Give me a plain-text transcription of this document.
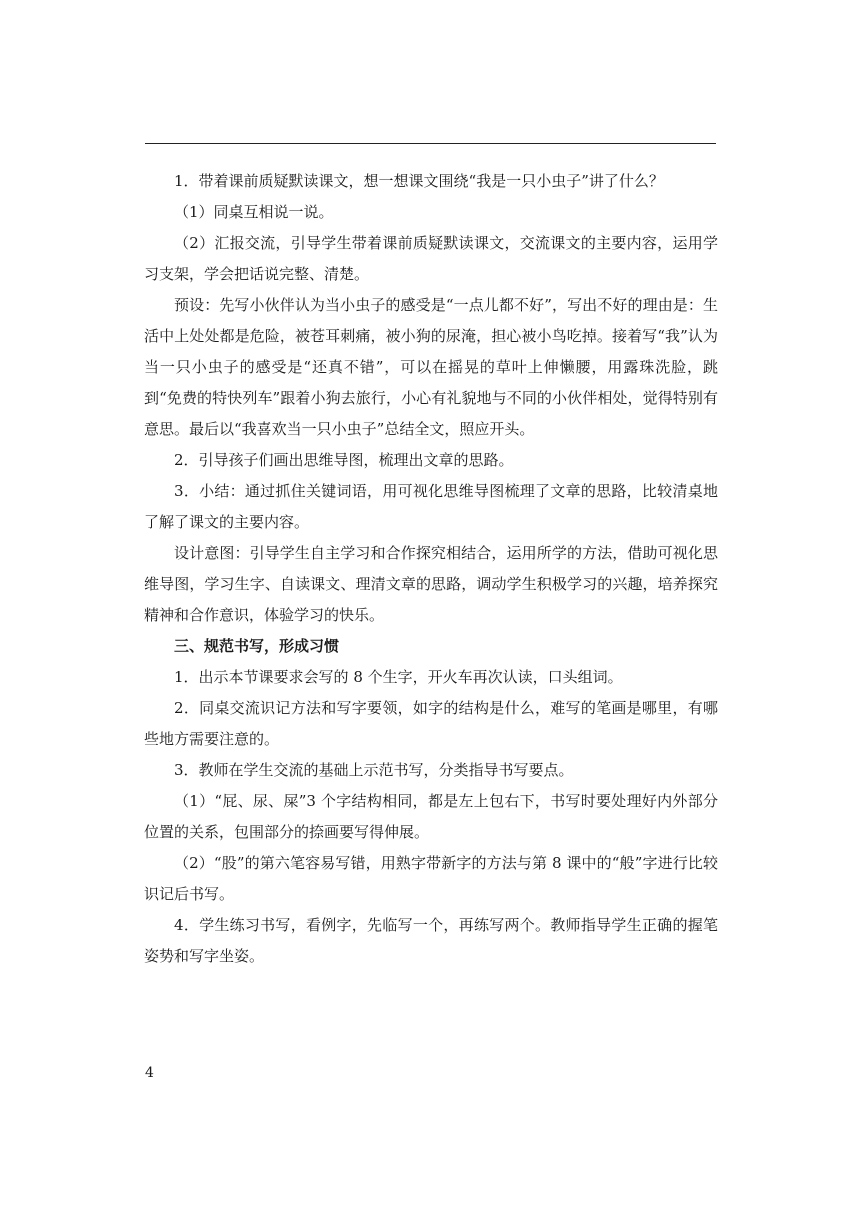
1．带着课前质疑默读课文，想一想课文围绕“我是一只小虫子”讲了什么？

（1）同桌互相说一说。

（2）汇报交流，引导学生带着课前质疑默读课文，交流课文的主要内容，运用学习支架，学会把话说完整、清楚。

预设：先写小伙伴认为当小虫子的感受是“一点儿都不好”，写出不好的理由是：生活中上处处都是危险，被苍耳刺痛，被小狗的尿淹，担心被小鸟吃掉。接着写“我”认为当一只小虫子的感受是“还真不错”，可以在摇晃的草叶上伸懒腰，用露珠洗脸，跳到“免费的特快列车”跟着小狗去旅行，小心有礼貌地与不同的小伙伴相处，觉得特别有意思。最后以“我喜欢当一只小虫子”总结全文，照应开头。

2．引导孩子们画出思维导图，梳理出文章的思路。

3．小结：通过抓住关键词语，用可视化思维导图梳理了文章的思路，比较清桌地了解了课文的主要内容。

设计意图：引导学生自主学习和合作探究相结合，运用所学的方法，借助可视化思维导图，学习生字、自读课文、理清文章的思路，调动学生积极学习的兴趣，培养探究精神和合作意识，体验学习的快乐。

三、规范书写，形成习惯

1．出示本节课要求会写的 8 个生字，开火车再次认读，口头组词。

2．同桌交流识记方法和写字要领，如字的结构是什么，难写的笔画是哪里，有哪些地方需要注意的。

3．教师在学生交流的基础上示范书写，分类指导书写要点。

（1）“屁、尿、屎”3 个字结构相同，都是左上包右下，书写时要处理好内外部分位置的关系，包围部分的捺画要写得伸展。

（2）“股”的第六笔容易写错，用熟字带新字的方法与第 8 课中的“般”字进行比较识记后书写。

4．学生练习书写，看例字，先临写一个，再练写两个。教师指导学生正确的握笔姿势和写字坐姿。

4
